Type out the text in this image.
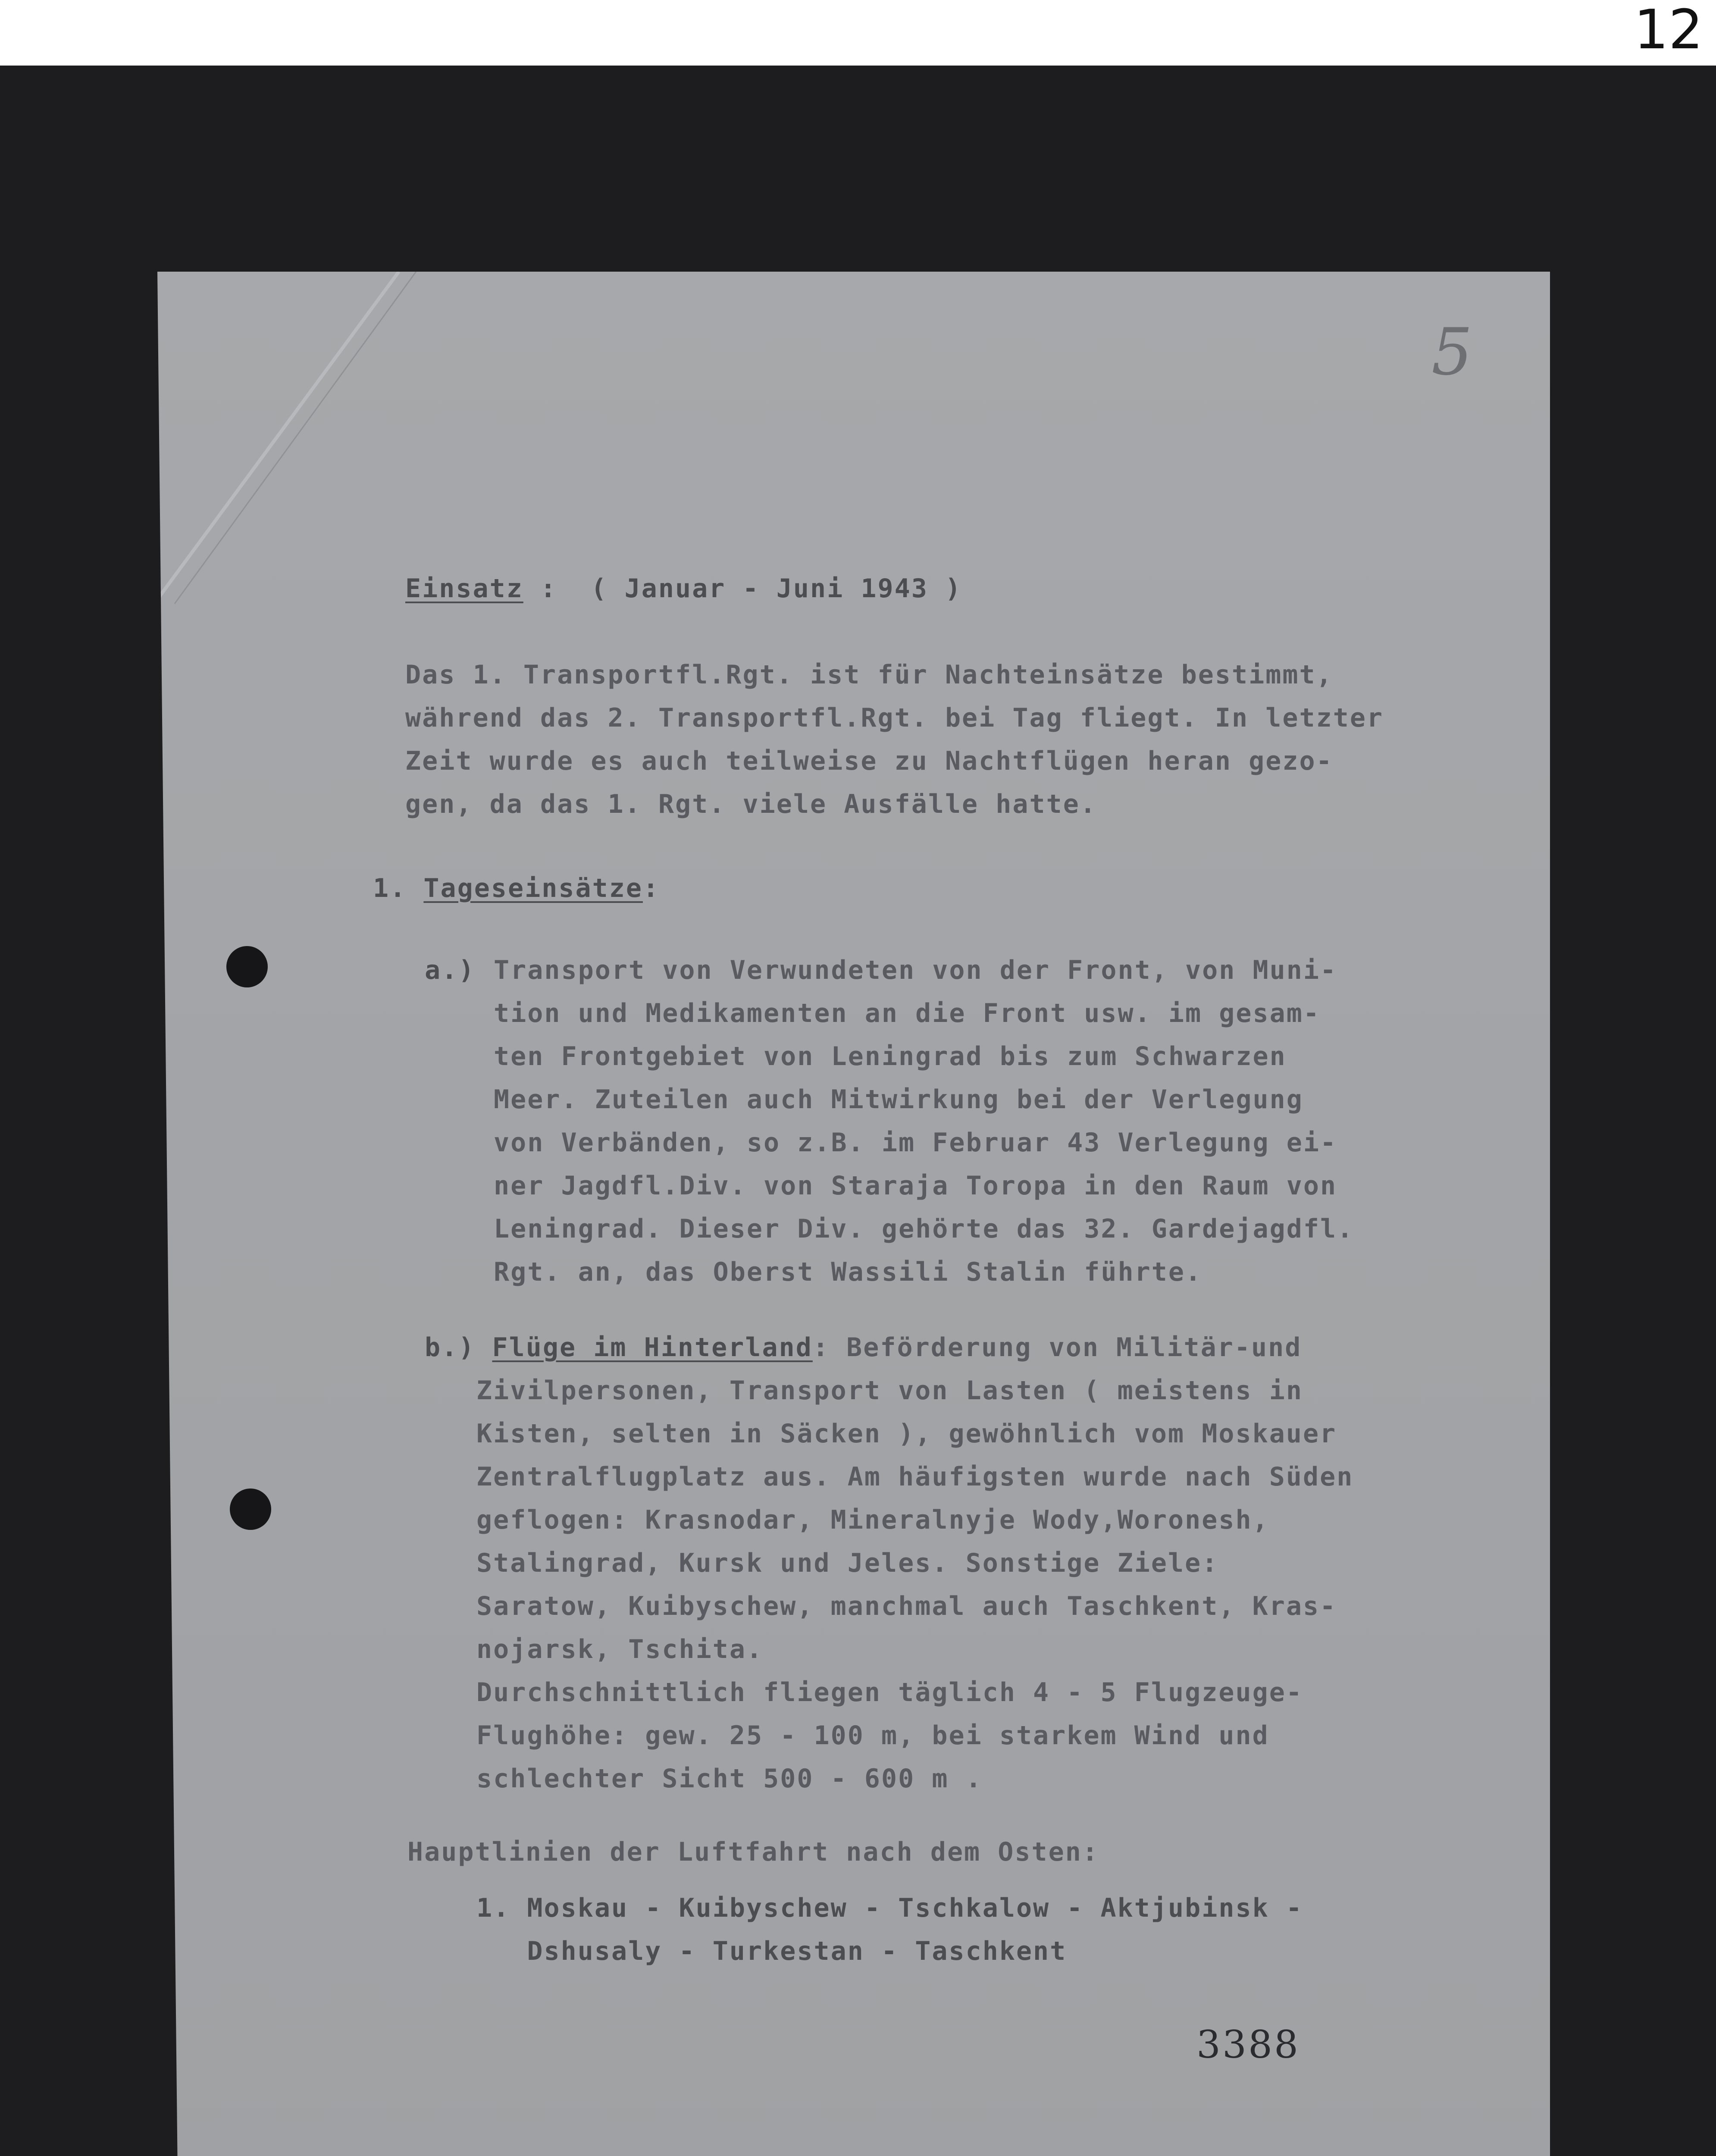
12
5
Einsatz :  ( Januar - Juni 1943 )
Das 1. Transportfl.Rgt. ist für Nachteinsätze bestimmt,
während das 2. Transportfl.Rgt. bei Tag fliegt. In letzter
Zeit wurde es auch teilweise zu Nachtflügen heran gezo-
gen, da das 1. Rgt. viele Ausfälle hatte.
1. Tageseinsätze:
a.) Transport von Verwundeten von der Front, von Muni-
tion und Medikamenten an die Front usw. im gesam-
ten Frontgebiet von Leningrad bis zum Schwarzen
Meer. Zuteilen auch Mitwirkung bei der Verlegung
von Verbänden, so z.B. im Februar 43 Verlegung ei-
ner Jagdfl.Div. von Staraja Toropa in den Raum von
Leningrad. Dieser Div. gehörte das 32. Gardejagdfl.
Rgt. an, das Oberst Wassili Stalin führte.
b.) Flüge im Hinterland: Beförderung von Militär-und
Zivilpersonen, Transport von Lasten ( meistens in
Kisten, selten in Säcken ), gewöhnlich vom Moskauer
Zentralflugplatz aus. Am häufigsten wurde nach Süden
geflogen: Krasnodar, Mineralnyje Wody,Woronesh,
Stalingrad, Kursk und Jeles. Sonstige Ziele:
Saratow, Kuibyschew, manchmal auch Taschkent, Kras-
nojarsk, Tschita.
Durchschnittlich fliegen täglich 4 - 5 Flugzeuge-
Flughöhe: gew. 25 - 100 m, bei starkem Wind und
schlechter Sicht 500 - 600 m .
Hauptlinien der Luftfahrt nach dem Osten:
1. Moskau - Kuibyschew - Tschkalow - Aktjubinsk -
Dshusaly - Turkestan - Taschkent
3388
